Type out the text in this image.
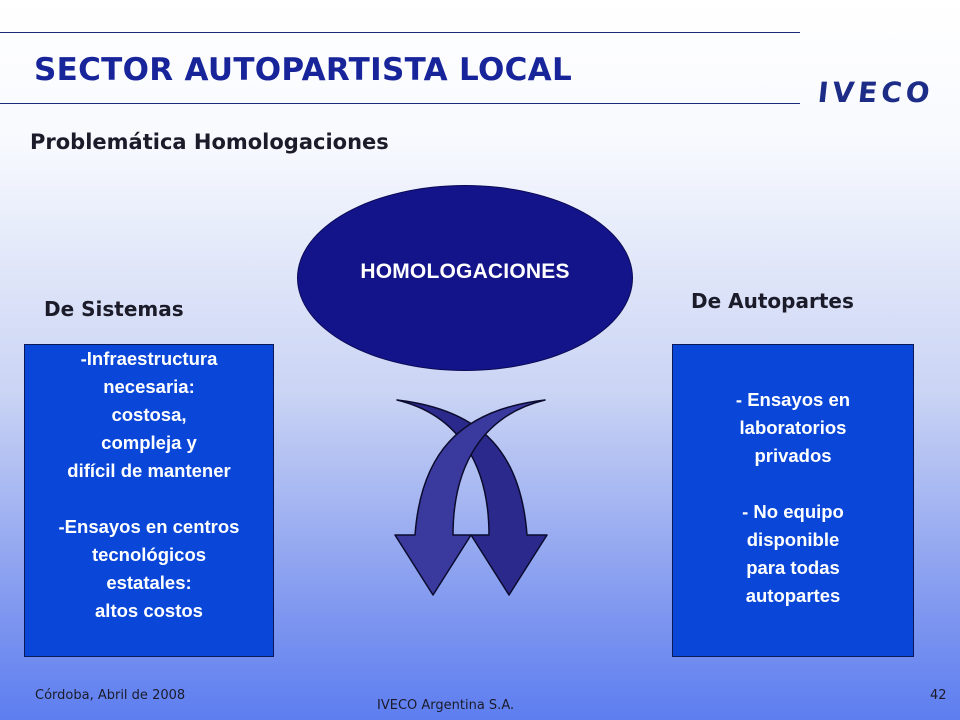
SECTOR AUTOPARTISTA LOCAL
IVECO
Problemática Homologaciones
HOMOLOGACIONES
De Sistemas	De Autopartes
-Infraestructura
necesaria:
costosa,
compleja y
difícil de mantener
-Ensayos en centros
tecnológicos
estatales:
altos costos
- Ensayos en
laboratorios
privados
- No equipo
disponible
para todas
autopartes
Córdoba, Abril de 2008
IVECO Argentina S.A.
42
